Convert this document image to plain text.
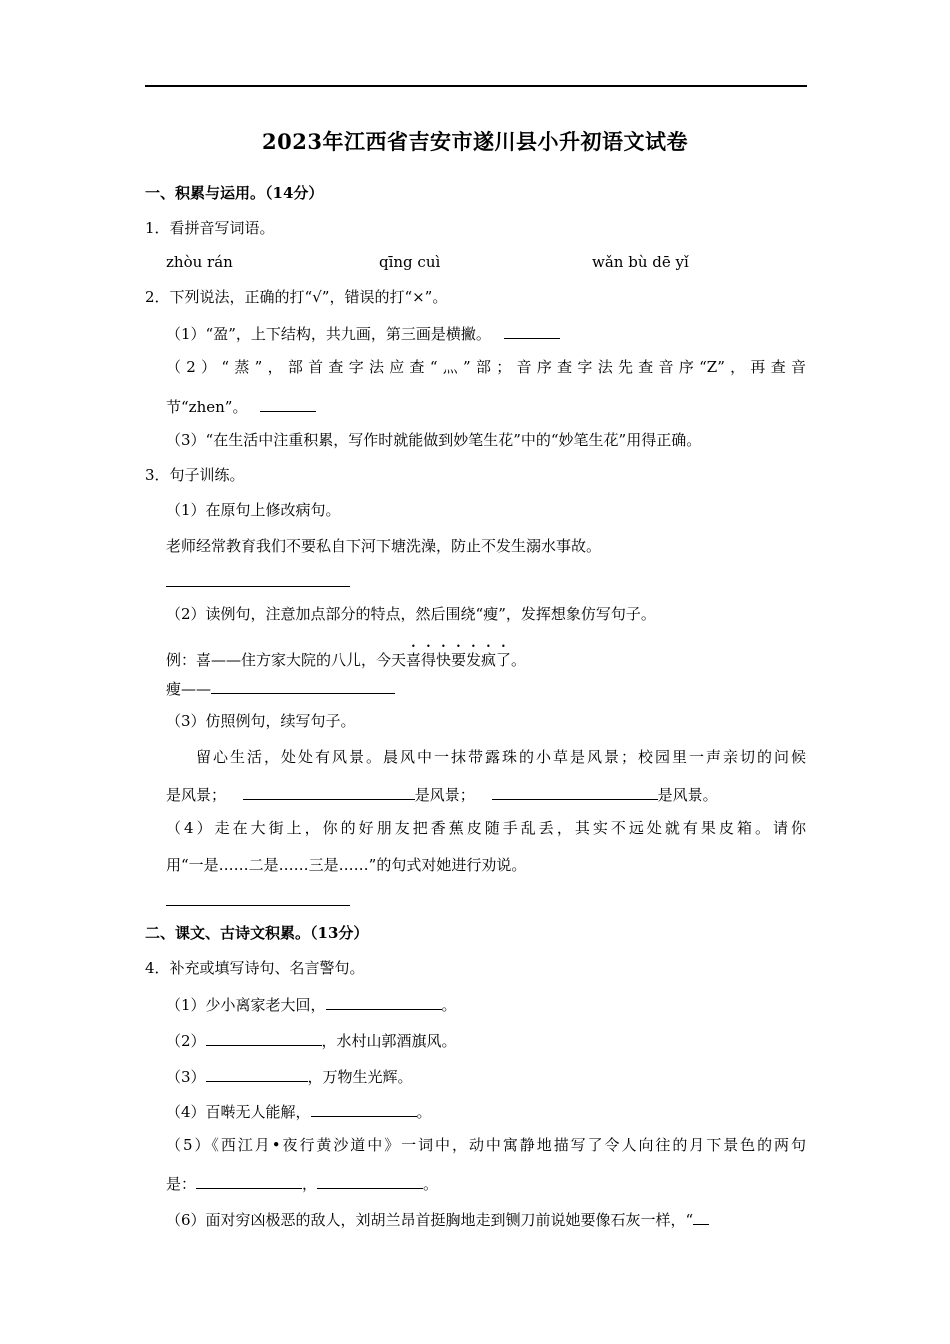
2023年江西省吉安市遂川县小升初语文试卷
一、积累与运用。（14分）
1．看拼音写词语。
zhòu rán	qīng cuì	wǎn bù dē yǐ
2．下列说法，正确的打“√”，错误的打“×”。
（1）“盈”，上下结构，共九画，第三画是横撇。
（2）“蒸”，部首查字法应查“灬”部；音序查字法先查音序“Z”，再查音
节“zhen”。
（3）“在生活中注重积累，写作时就能做到妙笔生花”中的“妙笔生花”用得正确。
3．句子训练。
（1）在原句上修改病句。
老师经常教育我们不要私自下河下塘洗澡，防止不发生溺水事故。
（2）读例句，注意加点部分的特点，然后围绕“瘦”，发挥想象仿写句子。
例：喜——住方家大院的八儿，今天喜得快要发疯了。
瘦——
（3）仿照例句，续写句子。
留心生活，处处有风景。晨风中一抹带露珠的小草是风景；校园里一声亲切的问候
是风景；	是风景；	是风景。
（4）走在大街上，你的好朋友把香蕉皮随手乱丢，其实不远处就有果皮箱。请你
用“一是……二是……三是……”的句式对她进行劝说。
二、课文、古诗文积累。（13分）
4．补充或填写诗句、名言警句。
（1）少小离家老大回，	。
（2）	，水村山郭酒旗风。
（3）	，万物生光辉。
（4）百啭无人能解，	。
（5）《西江月•夜行黄沙道中》一词中，动中寓静地描写了令人向往的月下景色的两句
是：	，	。
（6）面对穷凶极恶的敌人，刘胡兰昂首挺胸地走到铡刀前说她要像石灰一样，“
